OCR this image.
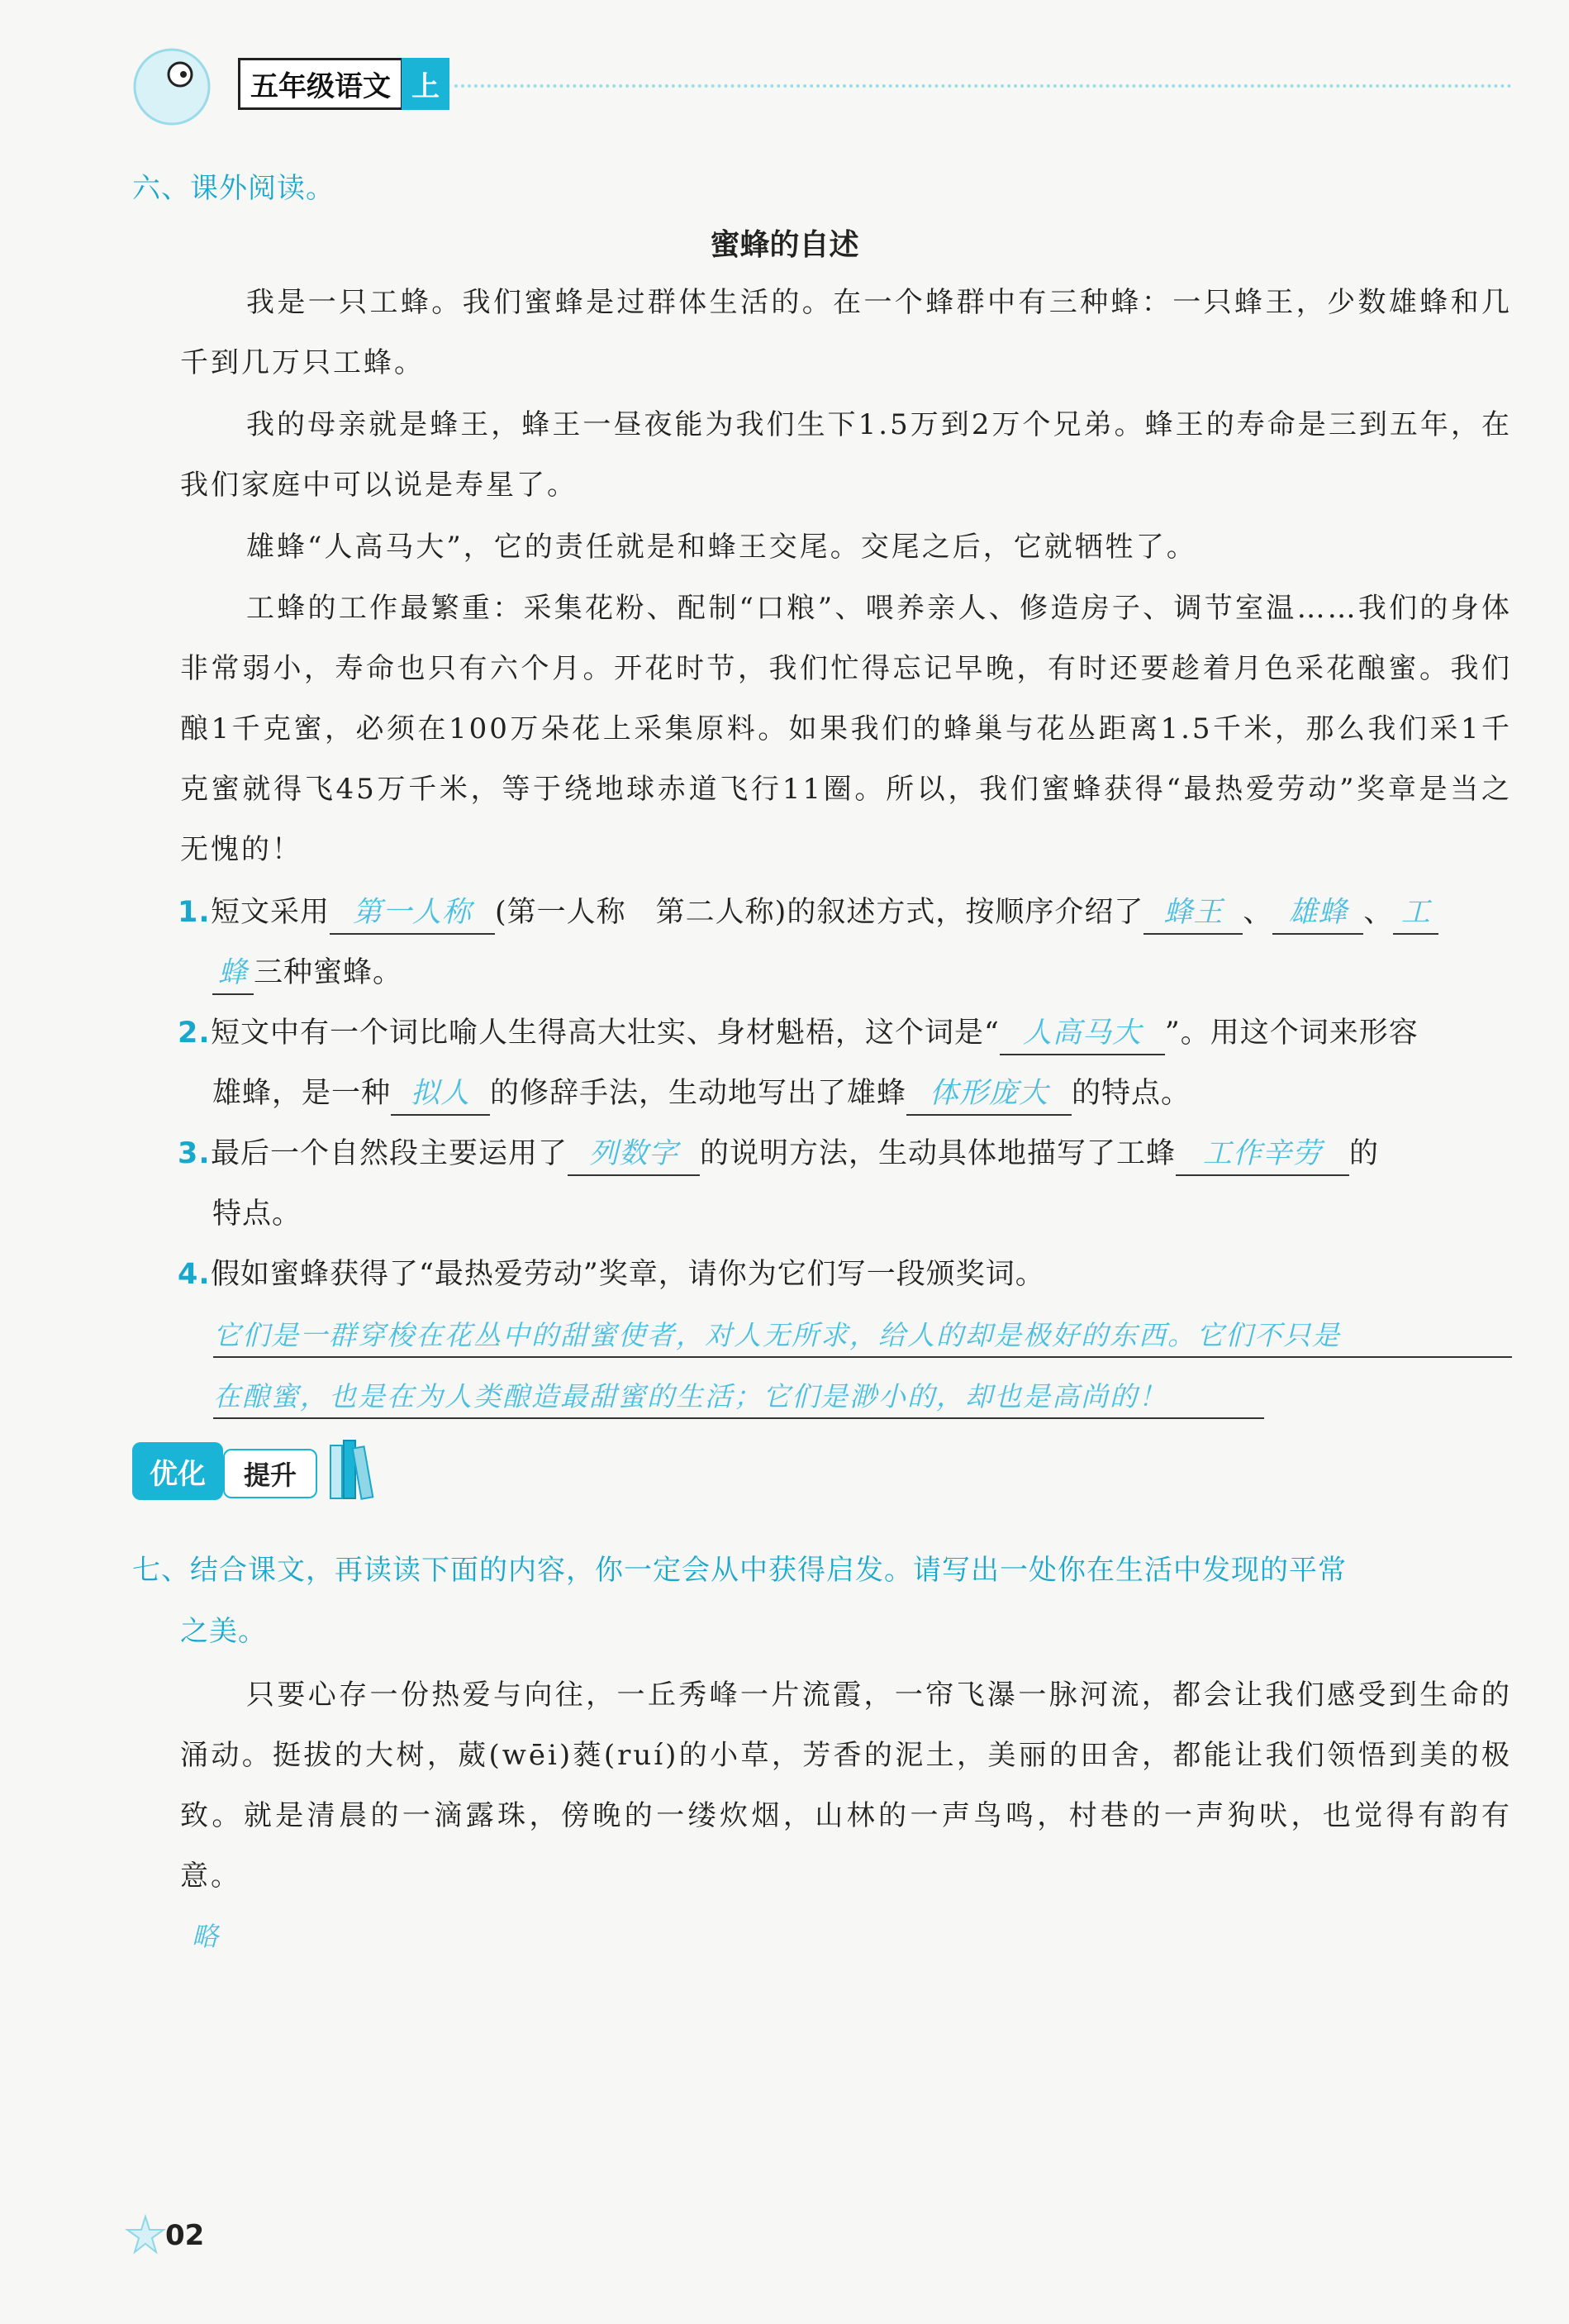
五年级语文 上
六、课外阅读。
蜜蜂的自述
我是一只工蜂。我们蜜蜂是过群体生活的。在一个蜂群中有三种蜂：一只蜂王，少数雄蜂和几千到几万只工蜂。
我的母亲就是蜂王，蜂王一昼夜能为我们生下1.5万到2万个兄弟。蜂王的寿命是三到五年，在我们家庭中可以说是寿星了。
雄蜂“人高马大”，它的责任就是和蜂王交尾。交尾之后，它就牺牲了。
工蜂的工作最繁重：采集花粉、配制“口粮”、喂养亲人、修造房子、调节室温……我们的身体非常弱小，寿命也只有六个月。开花时节，我们忙得忘记早晚，有时还要趁着月色采花酿蜜。我们酿1千克蜜，必须在100万朵花上采集原料。如果我们的蜂巢与花丛距离1.5千米，那么我们采1千克蜜就得飞45万千米，等于绕地球赤道飞行11圈。所以，我们蜜蜂获得“最热爱劳动”奖章是当之无愧的！
1.短文采用 第一人称 (第一人称　第二人称)的叙述方式，按顺序介绍了 蜂王 、 雄蜂 、 工
蜂 三种蜜蜂。
2.短文中有一个词比喻人生得高大壮实、身材魁梧，这个词是“ 人高马大 ”。用这个词来形容
雄蜂，是一种 拟人 的修辞手法，生动地写出了雄蜂 体形庞大 的特点。
3.最后一个自然段主要运用了 列数字 的说明方法，生动具体地描写了工蜂 工作辛劳 的
特点。
4.假如蜜蜂获得了“最热爱劳动”奖章，请你为它们写一段颁奖词。
它们是一群穿梭在花丛中的甜蜜使者，对人无所求，给人的却是极好的东西。它们不只是
在酿蜜，也是在为人类酿造最甜蜜的生活；它们是渺小的，却也是高尚的！
优化	提升
七、结合课文，再读读下面的内容，你一定会从中获得启发。请写出一处你在生活中发现的平常
之美。
只要心存一份热爱与向往，一丘秀峰一片流霞，一帘飞瀑一脉河流，都会让我们感受到生命的涌动。挺拔的大树，葳(wēi)蕤(ruí)的小草，芳香的泥土，美丽的田舍，都能让我们领悟到美的极致。就是清晨的一滴露珠，傍晚的一缕炊烟，山林的一声鸟鸣，村巷的一声狗吠，也觉得有韵有意。
略
02
